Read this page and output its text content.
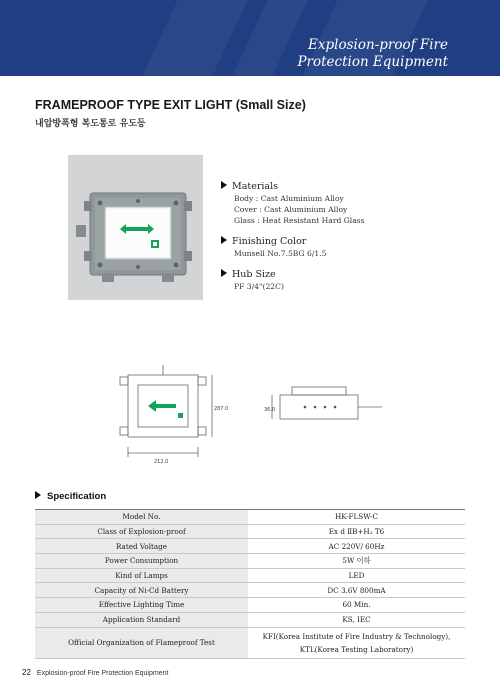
Explosion-proof Fire
Protection Equipment
FRAMEPROOF TYPE EXIT LIGHT (Small Size)
내압방폭형 복도통로 유도등
Materials
Body : Cast Aluminium Alloy
Cover : Cast Aluminium Alloy
Glass : Heat Resistant Hard Glass
Finishing Color
Munsell No.7.5BG 6/1.5
Hub Size
PF 3/4"(22C)
212.0
287.0	36.0
Specification
Model No.	HK-FLSW-C
Class of Explosion-proof	Ex d ⅡB+H₂ T6
Rated Voltage	AC 220V/ 60Hz
Power Consumption	5W 이하
Kind of Lamps	LED
Capacity of Ni-Cd Battery	DC 3.6V 800mA
Effective Lighting Time	60 Min.
Application Standard	KS, IEC
Official Organization of Flameproof Test	KFI(Korea Institute of Fire Industry & Technology),
KTL(Korea Testing Laboratory)
22 Explosion-proof Fire Protection Equipment
